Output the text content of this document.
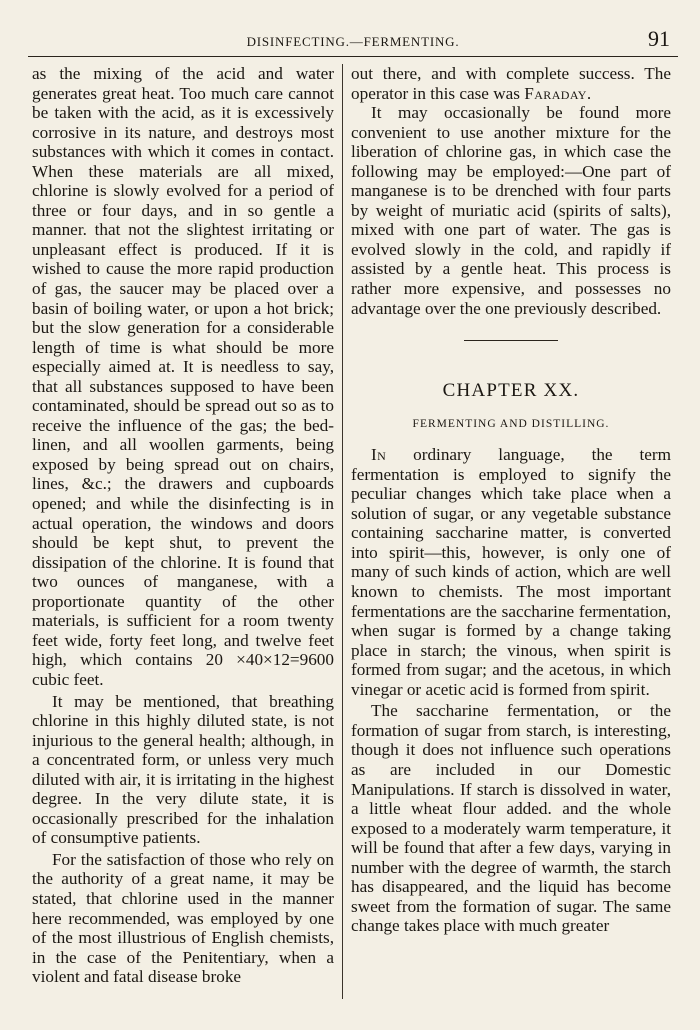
DISINFECTING.—FERMENTING.	91

as the mixing of the acid and water generates great heat. Too much care cannot be taken with the acid, as it is excessively corrosive in its nature, and destroys most substances with which it comes in contact. When these materials are all mixed, chlorine is slowly evolved for a period of three or four days, and in so gentle a manner. that not the slightest irritating or unpleasant effect is produced. If it is wished to cause the more rapid production of gas, the saucer may be placed over a basin of boiling water, or upon a hot brick; but the slow generation for a considerable length of time is what should be more especially aimed at. It is needless to say, that all substances supposed to have been contaminated, should be spread out so as to receive the influence of the gas; the bed-linen, and all woollen garments, being exposed by being spread out on chairs, lines, &c.; the drawers and cupboards opened; and while the disinfecting is in actual operation, the windows and doors should be kept shut, to prevent the dissipation of the chlorine. It is found that two ounces of manganese, with a proportionate quantity of the other materials, is sufficient for a room twenty feet wide, forty feet long, and twelve feet high, which contains 20 ×40×12=9600 cubic feet.

It may be mentioned, that breathing chlorine in this highly diluted state, is not injurious to the general health; although, in a concentrated form, or unless very much diluted with air, it is irritating in the highest degree. In the very dilute state, it is occasionally prescribed for the inhalation of consumptive patients.

For the satisfaction of those who rely on the authority of a great name, it may be stated, that chlorine used in the manner here recommended, was employed by one of the most illustrious of English chemists, in the case of the Penitentiary, when a violent and fatal disease broke

out there, and with complete success. The operator in this case was Faraday.

It may occasionally be found more convenient to use another mixture for the liberation of chlorine gas, in which case the following may be employed:—One part of manganese is to be drenched with four parts by weight of muriatic acid (spirits of salts), mixed with one part of water. The gas is evolved slowly in the cold, and rapidly if assisted by a gentle heat. This process is rather more expensive, and possesses no advantage over the one previously described.

CHAPTER XX.
FERMENTING AND DISTILLING.

In ordinary language, the term fermentation is employed to signify the peculiar changes which take place when a solution of sugar, or any vegetable substance containing saccharine matter, is converted into spirit—this, however, is only one of many of such kinds of action, which are well known to chemists. The most important fermentations are the saccharine fermentation, when sugar is formed by a change taking place in starch; the vinous, when spirit is formed from sugar; and the acetous, in which vinegar or acetic acid is formed from spirit.

The saccharine fermentation, or the formation of sugar from starch, is interesting, though it does not influence such operations as are included in our Domestic Manipulations. If starch is dissolved in water, a little wheat flour added. and the whole exposed to a moderately warm temperature, it will be found that after a few days, varying in number with the degree of warmth, the starch has disappeared, and the liquid has become sweet from the formation of sugar. The same change takes place with much greater
